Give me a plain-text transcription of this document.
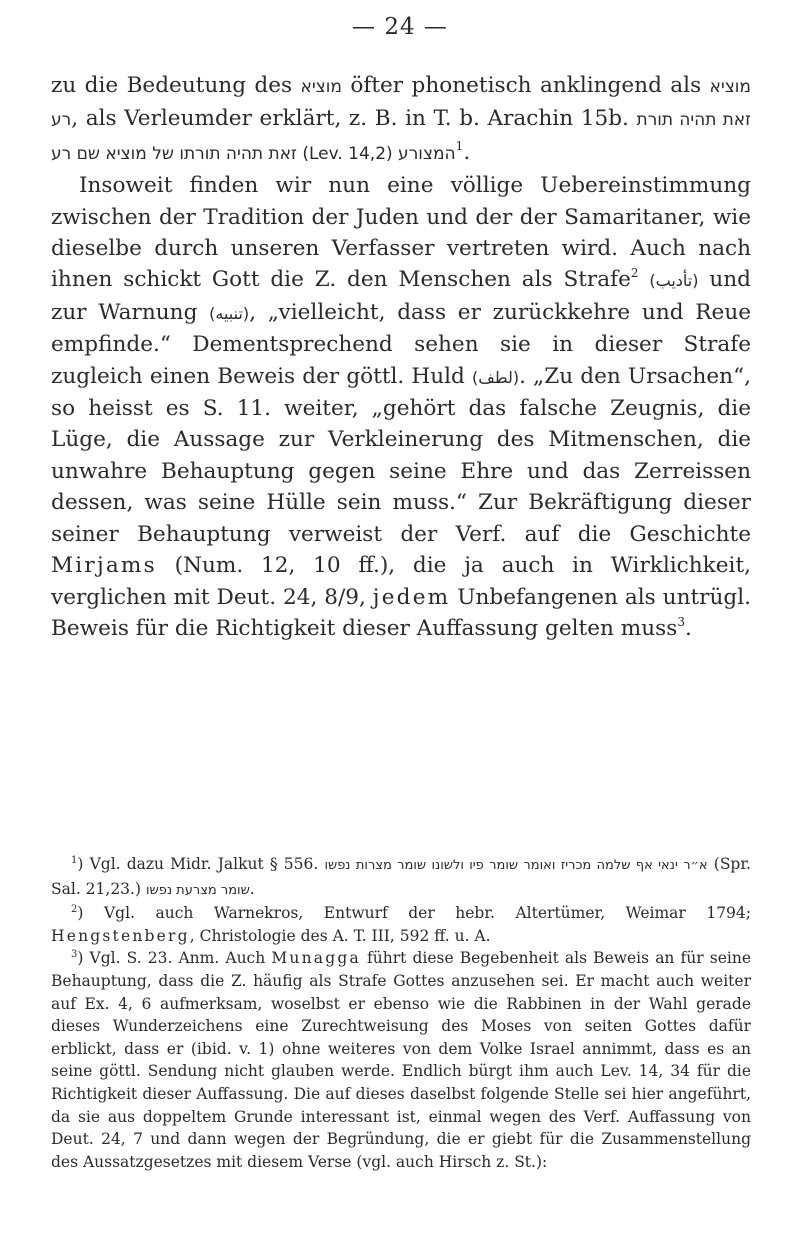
— 24 —

zu die Bedeutung des מוציא öfter phonetisch anklingend als מוציא רע, als Verleumder erklärt, z. B. in T. b. Arachin 15b. זאת תהיה תורת המצורע (Lev. 14,2) זאת תהיה תורתו של מוציא שם רע$^1$.

Insoweit finden wir nun eine völlige Uebereinstimmung zwischen der Tradition der Juden und der der Samaritaner, wie dieselbe durch unseren Verfasser vertreten wird. Auch nach ihnen schickt Gott die Z. den Menschen als Strafe$^2$ (تأديب) und zur Warnung (تنبيه), „vielleicht, dass er zurückkehre und Reue empfinde.“ Dementsprechend sehen sie in dieser Strafe zugleich einen Beweis der göttl. Huld (لطف). „Zu den Ursachen“, so heisst es S. 11. weiter, „gehört das falsche Zeugnis, die Lüge, die Aussage zur Verkleinerung des Mitmenschen, die unwahre Behauptung gegen seine Ehre und das Zerreissen dessen, was seine Hülle sein muss.“ Zur Bekräftigung dieser seiner Behauptung verweist der Verf. auf die Geschichte Mirjams (Num. 12, 10 ff.), die ja auch in Wirklichkeit, verglichen mit Deut. 24, 8/9, jedem Unbefangenen als untrügl. Beweis für die Richtigkeit dieser Auffassung gelten muss$^3$.

$^1$) Vgl. dazu Midr. Jalkut § 556. א״ר ינאי אף שלמה מכריז ואומר שומר פיו ולשונו שומר מצרות נפשו (Spr. Sal. 21,23.) שומר מצרעת נפשו.

$^2$) Vgl. auch Warnekros, Entwurf der hebr. Altertümer, Weimar 1794; Hengstenberg, Christologie des A. T. III, 592 ff. u. A.

$^3$) Vgl. S. 23. Anm. Auch Munagga führt diese Begebenheit als Beweis an für seine Behauptung, dass die Z. häufig als Strafe Gottes anzusehen sei. Er macht auch weiter auf Ex. 4, 6 aufmerksam, woselbst er ebenso wie die Rabbinen in der Wahl gerade dieses Wunderzeichens eine Zurechtweisung des Moses von seiten Gottes dafür erblickt, dass er (ibid. v. 1) ohne weiteres von dem Volke Israel annimmt, dass es an seine göttl. Sendung nicht glauben werde. Endlich bürgt ihm auch Lev. 14, 34 für die Richtigkeit dieser Auffassung. Die auf dieses daselbst folgende Stelle sei hier angeführt, da sie aus doppeltem Grunde interessant ist, einmal wegen des Verf. Auffassung von Deut. 24, 7 und dann wegen der Begründung, die er giebt für die Zusammenstellung des Aussatzgesetzes mit diesem Verse (vgl. auch Hirsch z. St.):
